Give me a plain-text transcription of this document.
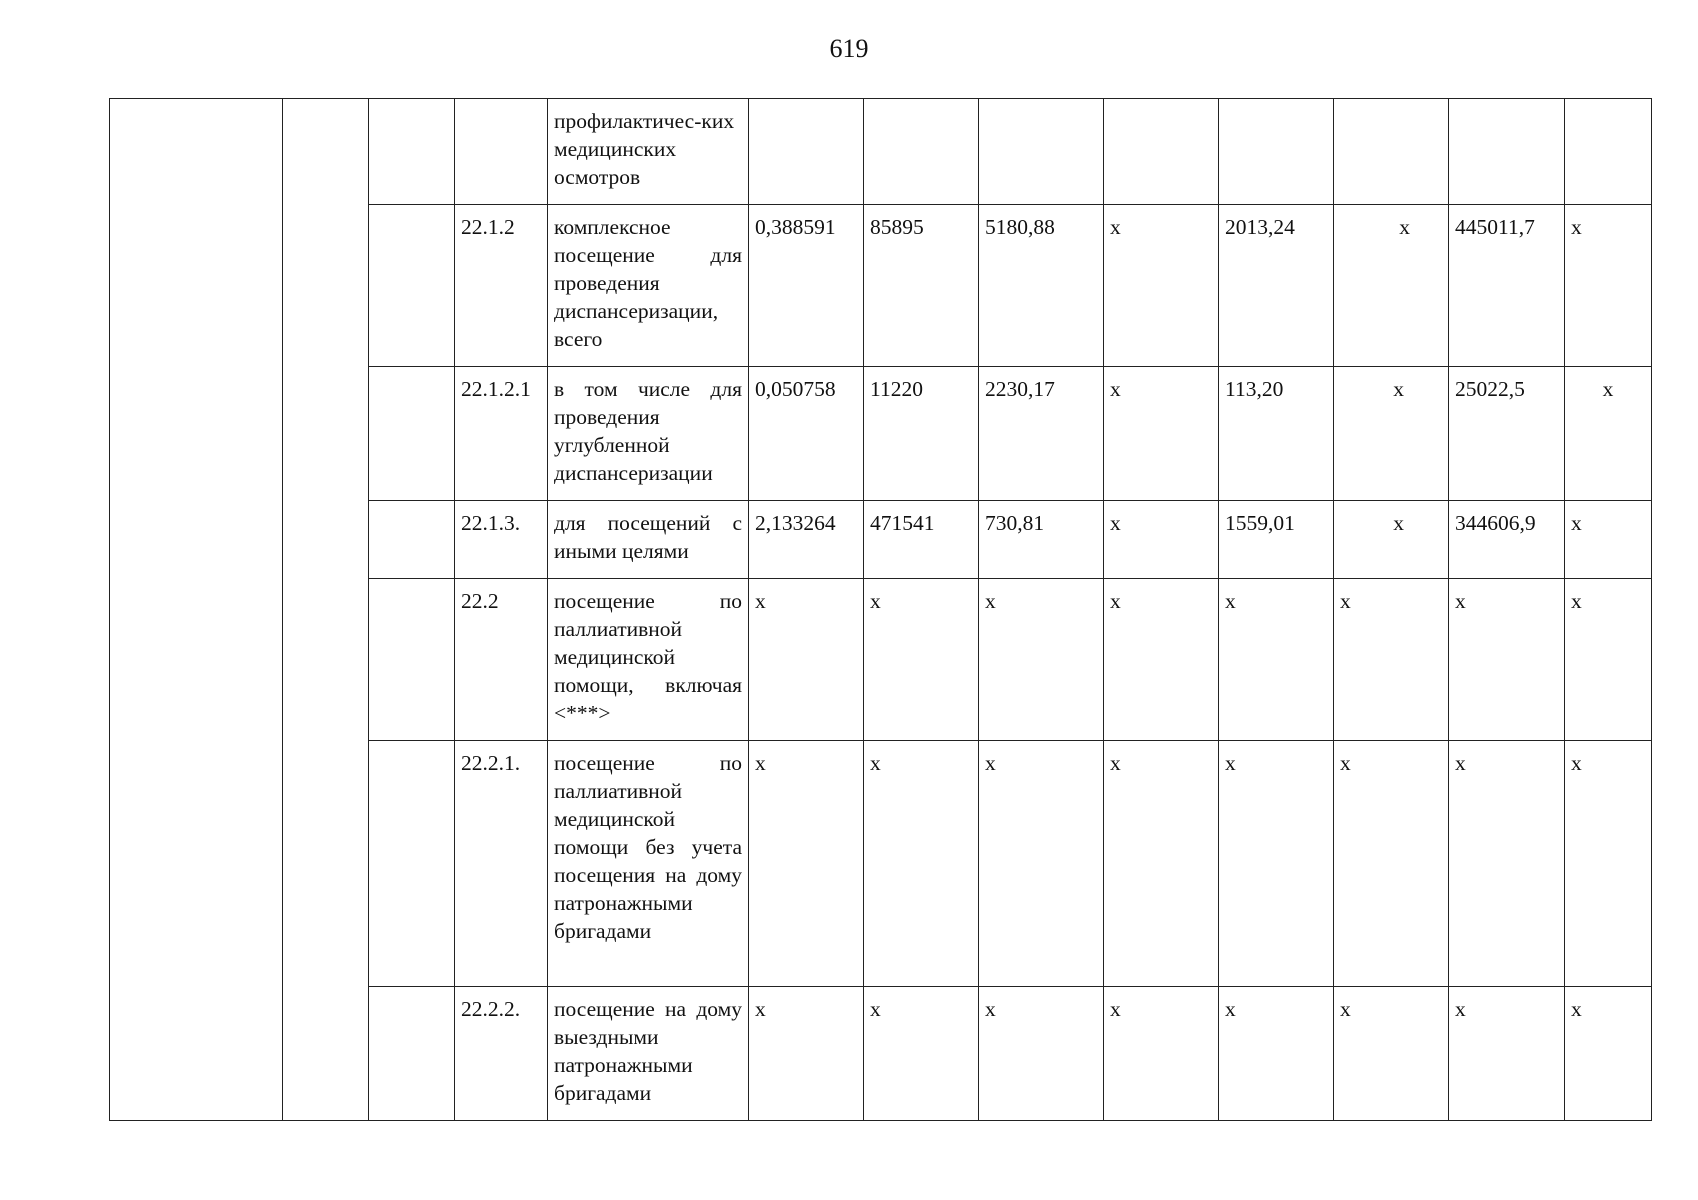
619
				профилактичес-ких медицинских осмотров								
			22.1.2	комплексное посещение для проведения диспансеризации, всего	0,388591	85895	5180,88	х	2013,24	х	445011,7	х
			22.1.2.1	в том числе для проведения углубленной диспансеризации	0,050758	11220	2230,17	х	113,20	х	25022,5	х
			22.1.3.	для посещений с иными целями	2,133264	471541	730,81	х	1559,01	х	344606,9	х
			22.2	посещение по паллиативной медицинской помощи, включая <***>	х	х	х	х	х	х	х	х
			22.2.1.	посещение по паллиативной медицинской помощи без учета посещения на дому патронажными бригадами	х	х	х	х	х	х	х	х
			22.2.2.	посещение на дому выездными патронажными бригадами	х	х	х	х	х	х	х	х
